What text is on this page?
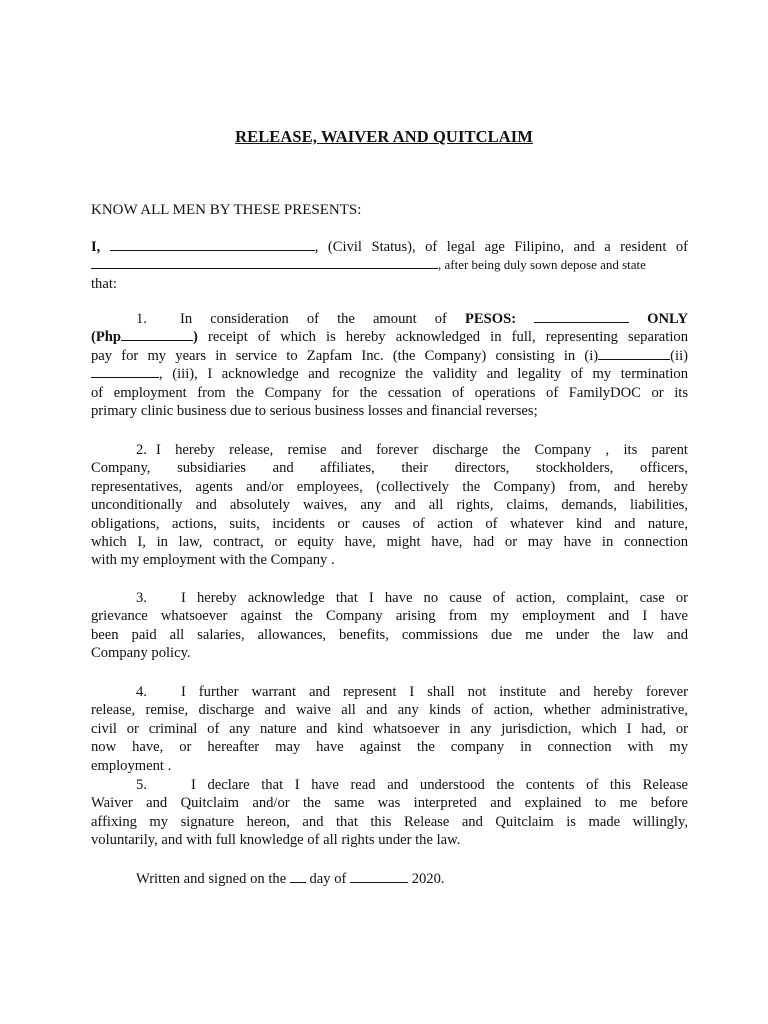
RELEASE, WAIVER AND QUITCLAIM
KNOW ALL MEN BY THESE PRESENTS:
I,	, (Civil Status), of legal age Filipino, and a resident of
, after being duly sown depose and state
that:
1. In consideration of the amount of PESOS:	ONLY
(Php	) receipt of which is hereby acknowledged in full, representing separation
pay for my years in service to Zapfam Inc. (the Company) consisting in (i)	(ii)
, (iii), I acknowledge and recognize the validity and legality of my termination
of employment from the Company for the cessation of operations of FamilyDOC or its
primary clinic business due to serious business losses and financial reverses;
2. I hereby release, remise and forever discharge the Company , its parent
Company, subsidiaries and affiliates, their directors, stockholders, officers,
representatives, agents and/or employees, (collectively the Company) from, and hereby
unconditionally and absolutely waives, any and all rights, claims, demands, liabilities,
obligations, actions, suits, incidents or causes of action of whatever kind and nature,
which I, in law, contract, or equity have, might have, had or may have in connection
with my employment with the Company .
3. I hereby acknowledge that I have no cause of action, complaint, case or
grievance whatsoever against the Company arising from my employment and I have
been paid all salaries, allowances, benefits, commissions due me under the law and
Company policy.
4. I further warrant and represent I shall not institute and hereby forever
release, remise, discharge and waive all and any kinds of action, whether administrative,
civil or criminal of any nature and kind whatsoever in any jurisdiction, which I had, or
now have, or hereafter may have against the company in connection with my
employment .
5.	I declare that I have read and understood the contents of this Release
Waiver and Quitclaim and/or the same was interpreted and explained to me before
affixing my signature hereon, and that this Release and Quitclaim is made willingly,
voluntarily, and with full knowledge of all rights under the law.
Written and signed on the day of	2020.
